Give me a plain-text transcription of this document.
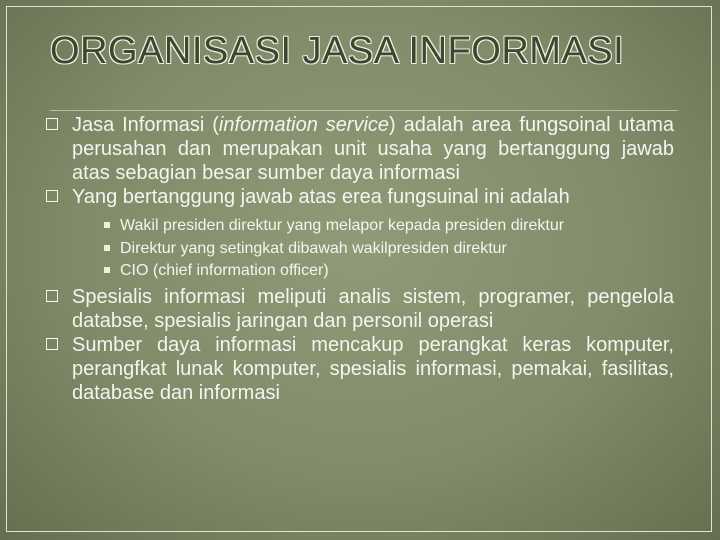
ORGANISASI JASA INFORMASI
Jasa Informasi (information service) adalah area fungsoinal utama perusahan dan merupakan unit usaha yang bertanggung jawab atas sebagian besar sumber daya informasi
Yang bertanggung jawab atas erea fungsuinal ini adalah
Wakil presiden direktur yang melapor kepada presiden direktur
Direktur yang setingkat dibawah wakilpresiden direktur
CIO (chief information officer)
Spesialis informasi meliputi analis sistem, programer, pengelola databse, spesialis jaringan dan personil operasi
Sumber daya informasi mencakup perangkat keras komputer, perangfkat lunak komputer, spesialis informasi, pemakai, fasilitas, database dan informasi
